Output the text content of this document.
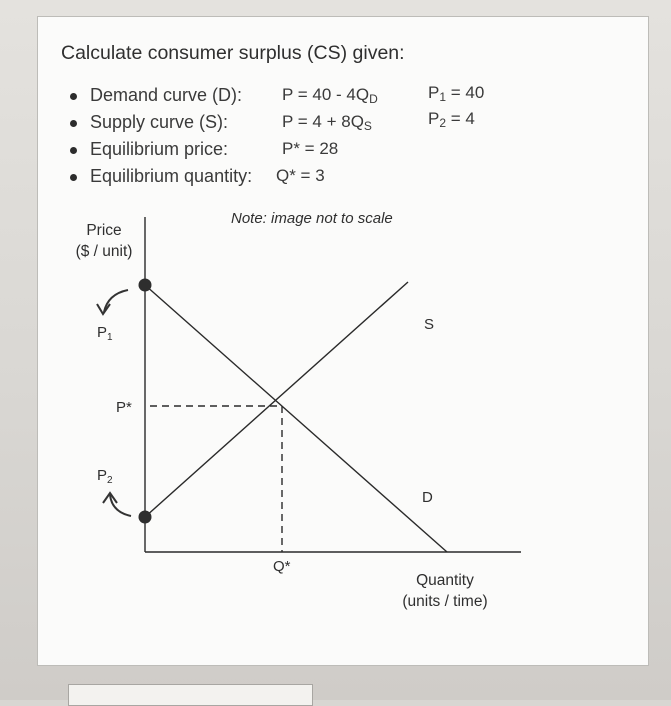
Calculate consumer surplus (CS) given:
Demand curve (D): P = 40 - 4QD
Supply curve (S):	P = 4 + 8QS
Equilibrium price:	P* = 28
Equilibrium quantity: Q* = 3
P1 = 40
P2 = 4
Note: image not to scale
Price
($ / unit)
$P_1$
$P_2$
P*
Q*
S
D
Quantity
(units / time)
